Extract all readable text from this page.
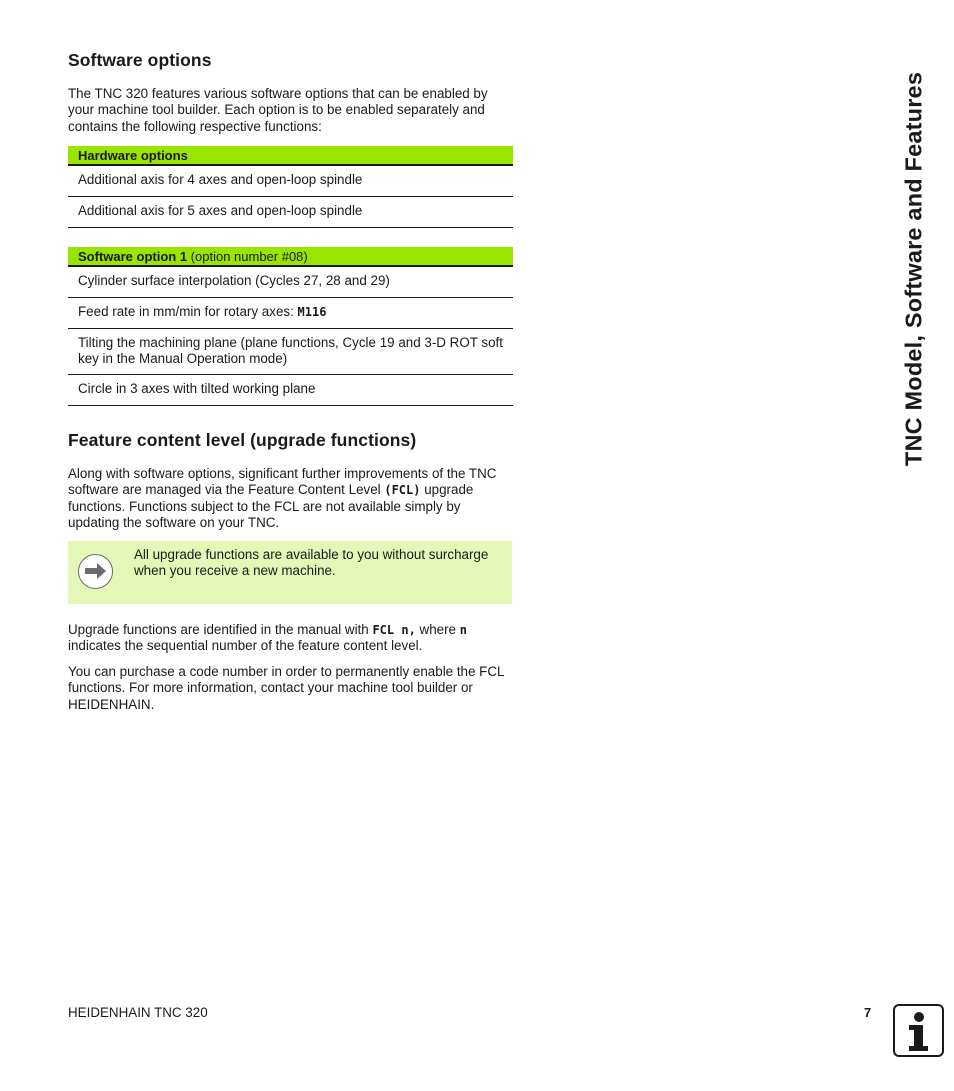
Software options

The TNC 320 features various software options that can be enabled by your machine tool builder. Each option is to be enabled separately and contains the following respective functions:

Hardware options
Additional axis for 4 axes and open-loop spindle
Additional axis for 5 axes and open-loop spindle
Software option 1 (option number #08)
Cylinder surface interpolation (Cycles 27, 28 and 29)
Feed rate in mm/min for rotary axes: M116
Tilting the machining plane (plane functions, Cycle 19 and 3-D ROT soft key in the Manual Operation mode)
Circle in 3 axes with tilted working plane
Feature content level (upgrade functions)

Along with software options, significant further improvements of the TNC software are managed via the Feature Content Level (FCL) upgrade functions. Functions subject to the FCL are not available simply by updating the software on your TNC.

All upgrade functions are available to you without surcharge when you receive a new machine.

Upgrade functions are identified in the manual with FCL n, where n indicates the sequential number of the feature content level.

You can purchase a code number in order to permanently enable the FCL functions. For more information, contact your machine tool builder or HEIDENHAIN.

TNC Model, Software and Features
HEIDENHAIN TNC 320	7
